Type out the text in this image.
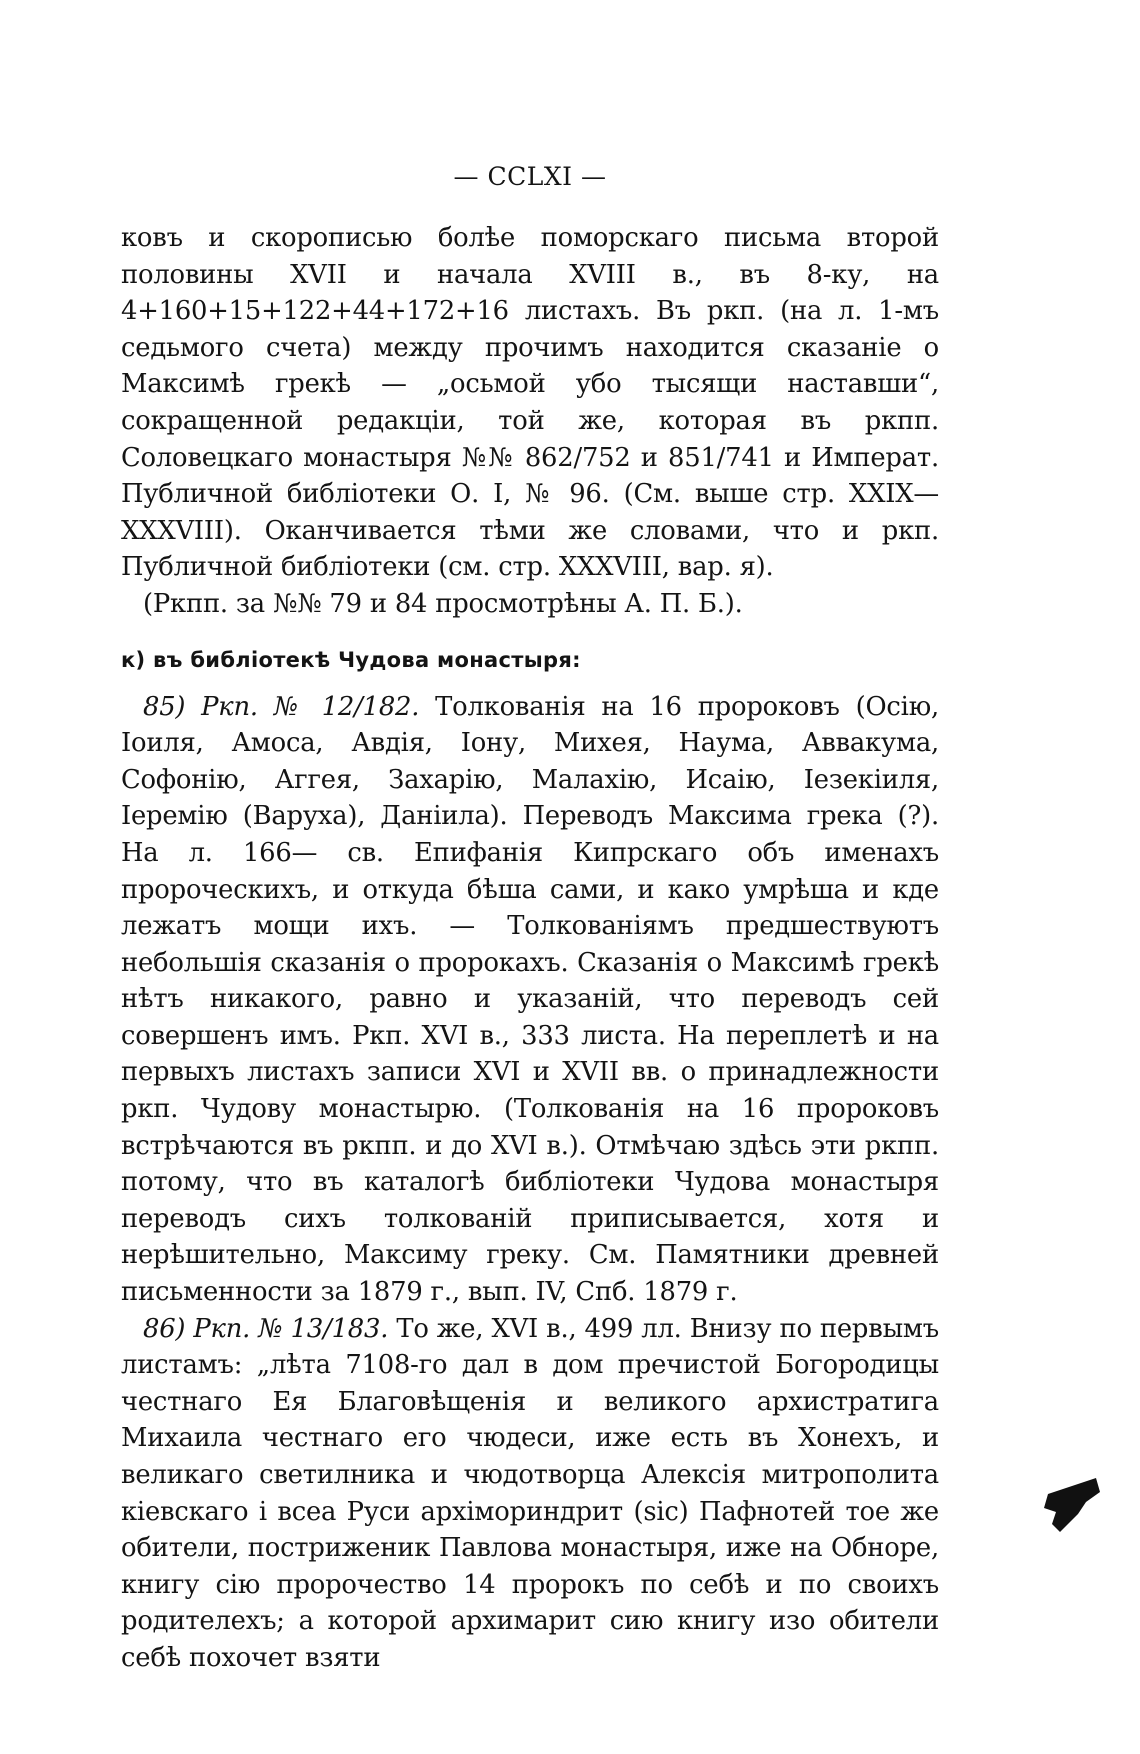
— CCLXI —

ковъ и скорописью болѣе поморскаго письма второй половины XVII и начала XVIII в., въ 8-ку, на 4+160+15+122+44+172+16 листахъ. Въ ркп. (на л. 1-мъ седьмого счета) между прочимъ находится сказаніе о Максимѣ грекѣ — „осьмой убо тысящи наставши“, сокращенной редакціи, той же, которая въ ркпп. Соловецкаго монастыря №№ 862/752 и 851/741 и Императ. Публичной библіотеки О. I, № 96. (См. выше стр. XXIX—XXXVIII). Оканчивается тѣми же словами, что и ркп. Публичной библіотеки (см. стр. XXXVIII, вар. я).

(Ркпп. за №№ 79 и 84 просмотрѣны А. П. Б.).

к) въ библіотекѣ Чудова монастыря:

85) Ркп. № 12/182. Толкованія на 16 пророковъ (Осію, Іоиля, Амоса, Авдія, Іону, Михея, Наума, Аввакума, Софонію, Аггея, Захарію, Малахію, Исаію, Іезекіиля, Іеремію (Варуха), Даніила). Переводъ Максима грека (?). На л. 166— св. Епифанія Кипрскаго объ именахъ пророческихъ, и откуда бѣша сами, и како умрѣша и кде лежатъ мощи ихъ. — Толкованіямъ предшествуютъ небольшія сказанія о пророкахъ. Сказанія о Максимѣ грекѣ нѣтъ никакого, равно и указаній, что переводъ сей совершенъ имъ. Ркп. XVI в., 333 листа. На переплетѣ и на первыхъ листахъ записи XVI и XVII вв. о принадлежности ркп. Чудову монастырю. (Толкованія на 16 пророковъ встрѣчаются въ ркпп. и до XVI в.). Отмѣчаю здѣсь эти ркпп. потому, что въ каталогѣ библіотеки Чудова монастыря переводъ сихъ толкованій приписывается, хотя и нерѣшительно, Максиму греку. См. Памятники древней письменности за 1879 г., вып. IV, Спб. 1879 г.

86) Ркп. № 13/183. То же, XVI в., 499 лл. Внизу по первымъ листамъ: „лѣта 7108-го дал в дом пречистой Богородицы честнаго Ея Благовѣщенія и великого архистратига Михаила честнаго его чюдеси, иже есть въ Хонехъ, и великаго светилника и чюдотворца Алексія митрополита кіевскаго і всеа Руси архімориндрит (sic) Пафнотей тое же обители, постриженик Павлова монастыря, иже на Обноре, книгу сію пророчество 14 пророкъ по себѣ и по своихъ родителехъ; а которой архимарит сию книгу изо обители себѣ похочет взяти
